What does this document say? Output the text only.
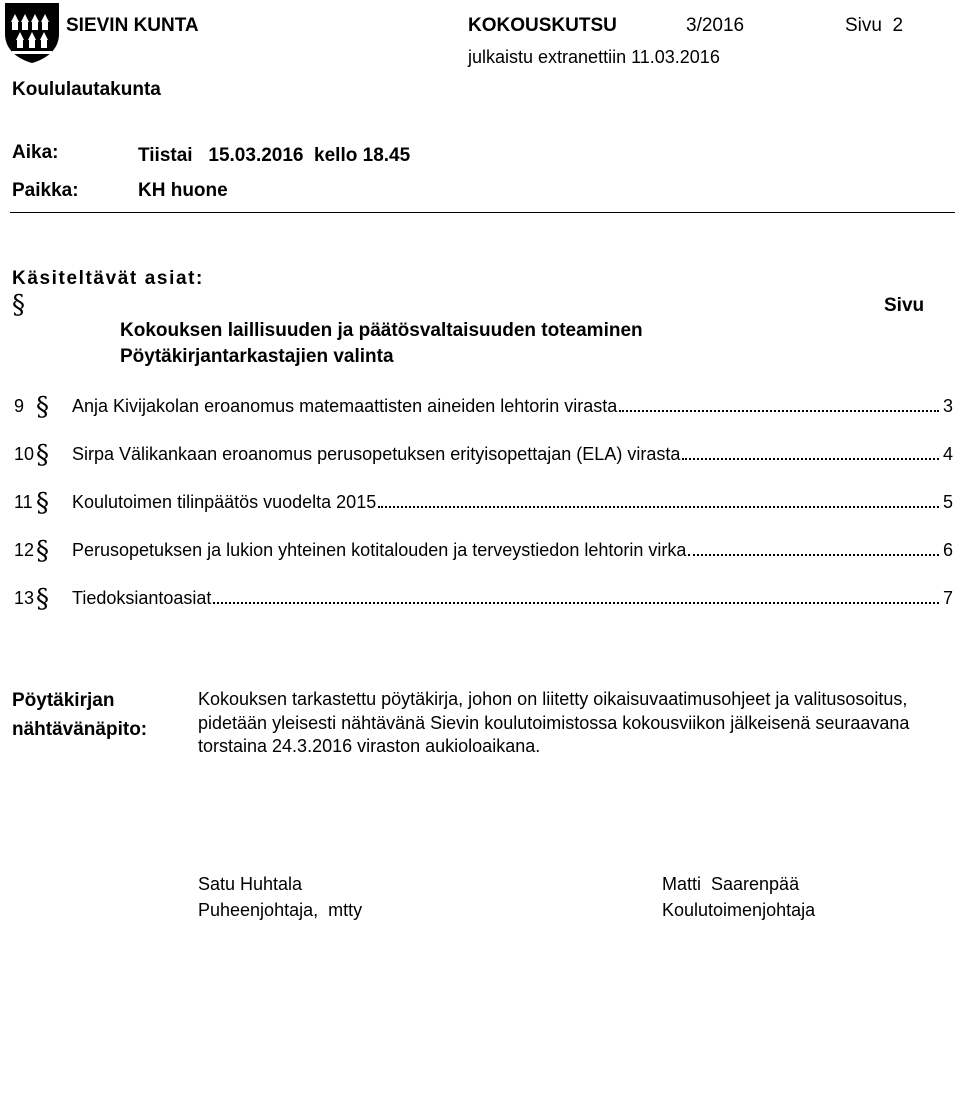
SIEVIN KUNTA	KOKOUSKUTSU	3/2016	Sivu 2
julkaistu extranettiin 11.03.2016
Koululautakunta
Aika:	Tiistai   15.03.2016  kello 18.45
Paikka:	KH huone
Käsiteltävät asiat:
§	Sivu
Kokouksen laillisuuden ja päätösvaltaisuuden toteaminen
Pöytäkirjantarkastajien valinta
9 § Anja Kivijakolan eroanomus matemaattisten aineiden lehtorin virasta	3
10 § Sirpa Välikankaan eroanomus perusopetuksen erityisopettajan (ELA) virasta	4
11 § Koulutoimen tilinpäätös vuodelta 2015	5
12 § Perusopetuksen ja lukion yhteinen kotitalouden ja terveystiedon lehtorin virka	6
13 § Tiedoksiantoasiat	7
Pöytäkirjan
nähtävänäpito:
Kokouksen tarkastettu pöytäkirja, johon on liitetty oikaisuvaatimusohjeet ja valitusosoitus, pidetään yleisesti nähtävänä Sievin koulutoimistossa kokousviikon jälkeisenä seuraavana torstaina 24.3.2016 viraston aukioloaikana.
Satu Huhtala
Puheenjohtaja,  mtty
Matti  Saarenpää
Koulutoimenjohtaja
